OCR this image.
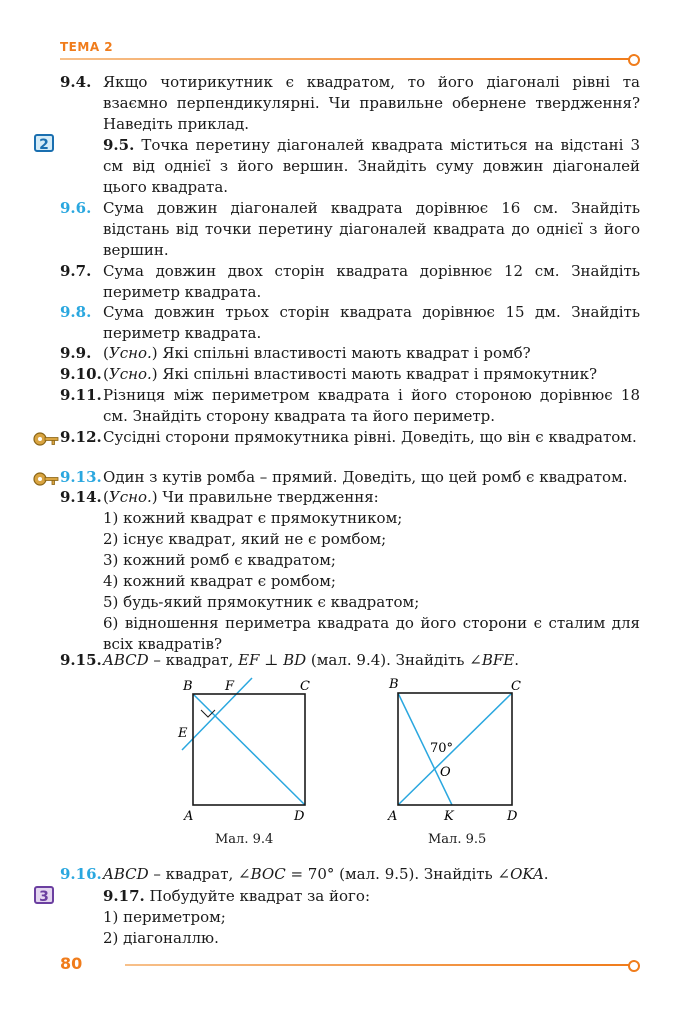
ТЕМА 2
9.4. Якщо чотирикутник є квадратом, то його діагоналі рівні та взаємно перпендикулярні. Чи правильне обернене твердження? Наведіть приклад.
2	9.5. Точка перетину діагоналей квадрата міститься на відстані 3 см від однієї з його вершин. Знайдіть суму довжин діагоналей цього квадрата.
9.6. Сума довжин діагоналей квадрата дорівнює 16 см. Знайдіть відстань від точки перетину діагоналей квадрата до однієї з його вершин.
9.7. Сума довжин двох сторін квадрата дорівнює 12 см. Знайдіть периметр квадрата.
9.8. Сума довжин трьох сторін квадрата дорівнює 15 дм. Знайдіть периметр квадрата.
9.9. (Усно.) Які спільні властивості мають квадрат і ромб?
9.10. (Усно.) Які спільні властивості мають квадрат і прямокутник?
9.11. Різниця між периметром квадрата і його стороною дорівнює 18 см. Знайдіть сторону квадрата та його периметр.
9.12. Сусідні сторони прямокутника рівні. Доведіть, що він є квадратом.
9.13. Один з кутів ромба – прямий. Доведіть, що цей ромб є квадратом.
9.14. (Усно.) Чи правильне твердження:
1) кожний квадрат є прямокутником;
2) існує квадрат, який не є ромбом;
3) кожний ромб є квадратом;
4) кожний квадрат є ромбом;
5) будь-який прямокутник є квадратом;
6) відношення периметра квадрата до його сторони є сталим для всіх квадратів?
9.15. ABCD – квадрат, EF ⊥ BD (мал. 9.4). Знайдіть ∠BFE.
B F	C
E
A	D
Мал. 9.4
B	C
70°
O
A	K	D
Мал. 9.5
9.16. ABCD – квадрат, ∠BOC = 70° (мал. 9.5). Знайдіть ∠OKA.
3	9.17. Побудуйте квадрат за його:
1) периметром;
2) діагоналлю.
80
